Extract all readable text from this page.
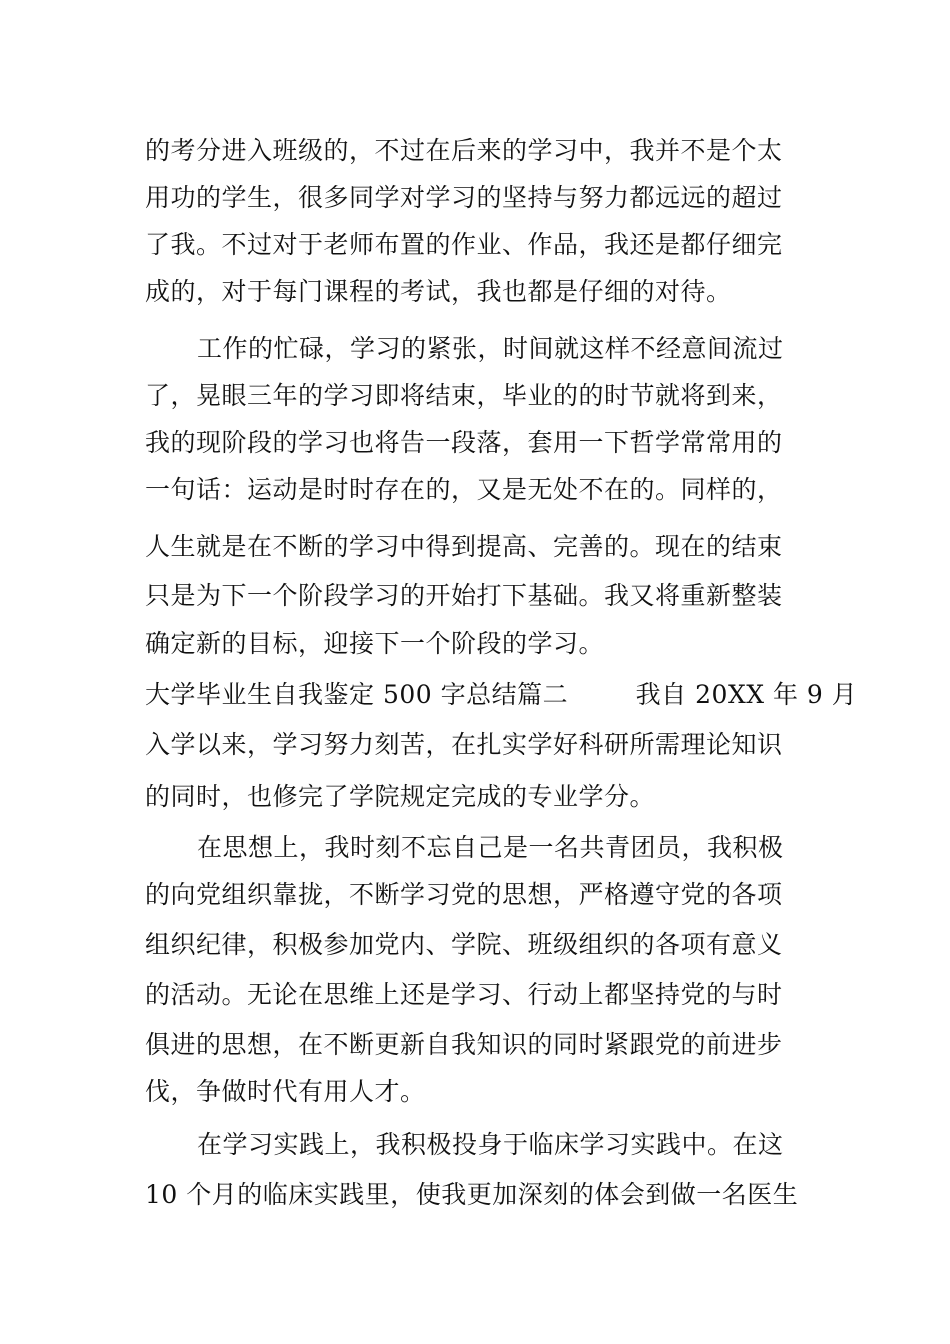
的考分进入班级的，不过在后来的学习中，我并不是个太
用功的学生，很多同学对学习的坚持与努力都远远的超过
了我。不过对于老师布置的作业、作品，我还是都仔细完
成的，对于每门课程的考试，我也都是仔细的对待。
工作的忙碌，学习的紧张，时间就这样不经意间流过
了，晃眼三年的学习即将结束，毕业的的时节就将到来，
我的现阶段的学习也将告一段落，套用一下哲学常常用的
一句话：运动是时时存在的，又是无处不在的。同样的，
人生就是在不断的学习中得到提高、完善的。现在的结束
只是为下一个阶段学习的开始打下基础。我又将重新整装
确定新的目标，迎接下一个阶段的学习。
大学毕业生自我鉴定 500 字总结篇二        我自 20XX 年 9 月
入学以来，学习努力刻苦，在扎实学好科研所需理论知识
的同时，也修完了学院规定完成的专业学分。
在思想上，我时刻不忘自己是一名共青团员，我积极
的向党组织靠拢，不断学习党的思想，严格遵守党的各项
组织纪律，积极参加党内、学院、班级组织的各项有意义
的活动。无论在思维上还是学习、行动上都坚持党的与时
俱进的思想，在不断更新自我知识的同时紧跟党的前进步
伐，争做时代有用人才。
在学习实践上，我积极投身于临床学习实践中。在这
10 个月的临床实践里，使我更加深刻的体会到做一名医生
